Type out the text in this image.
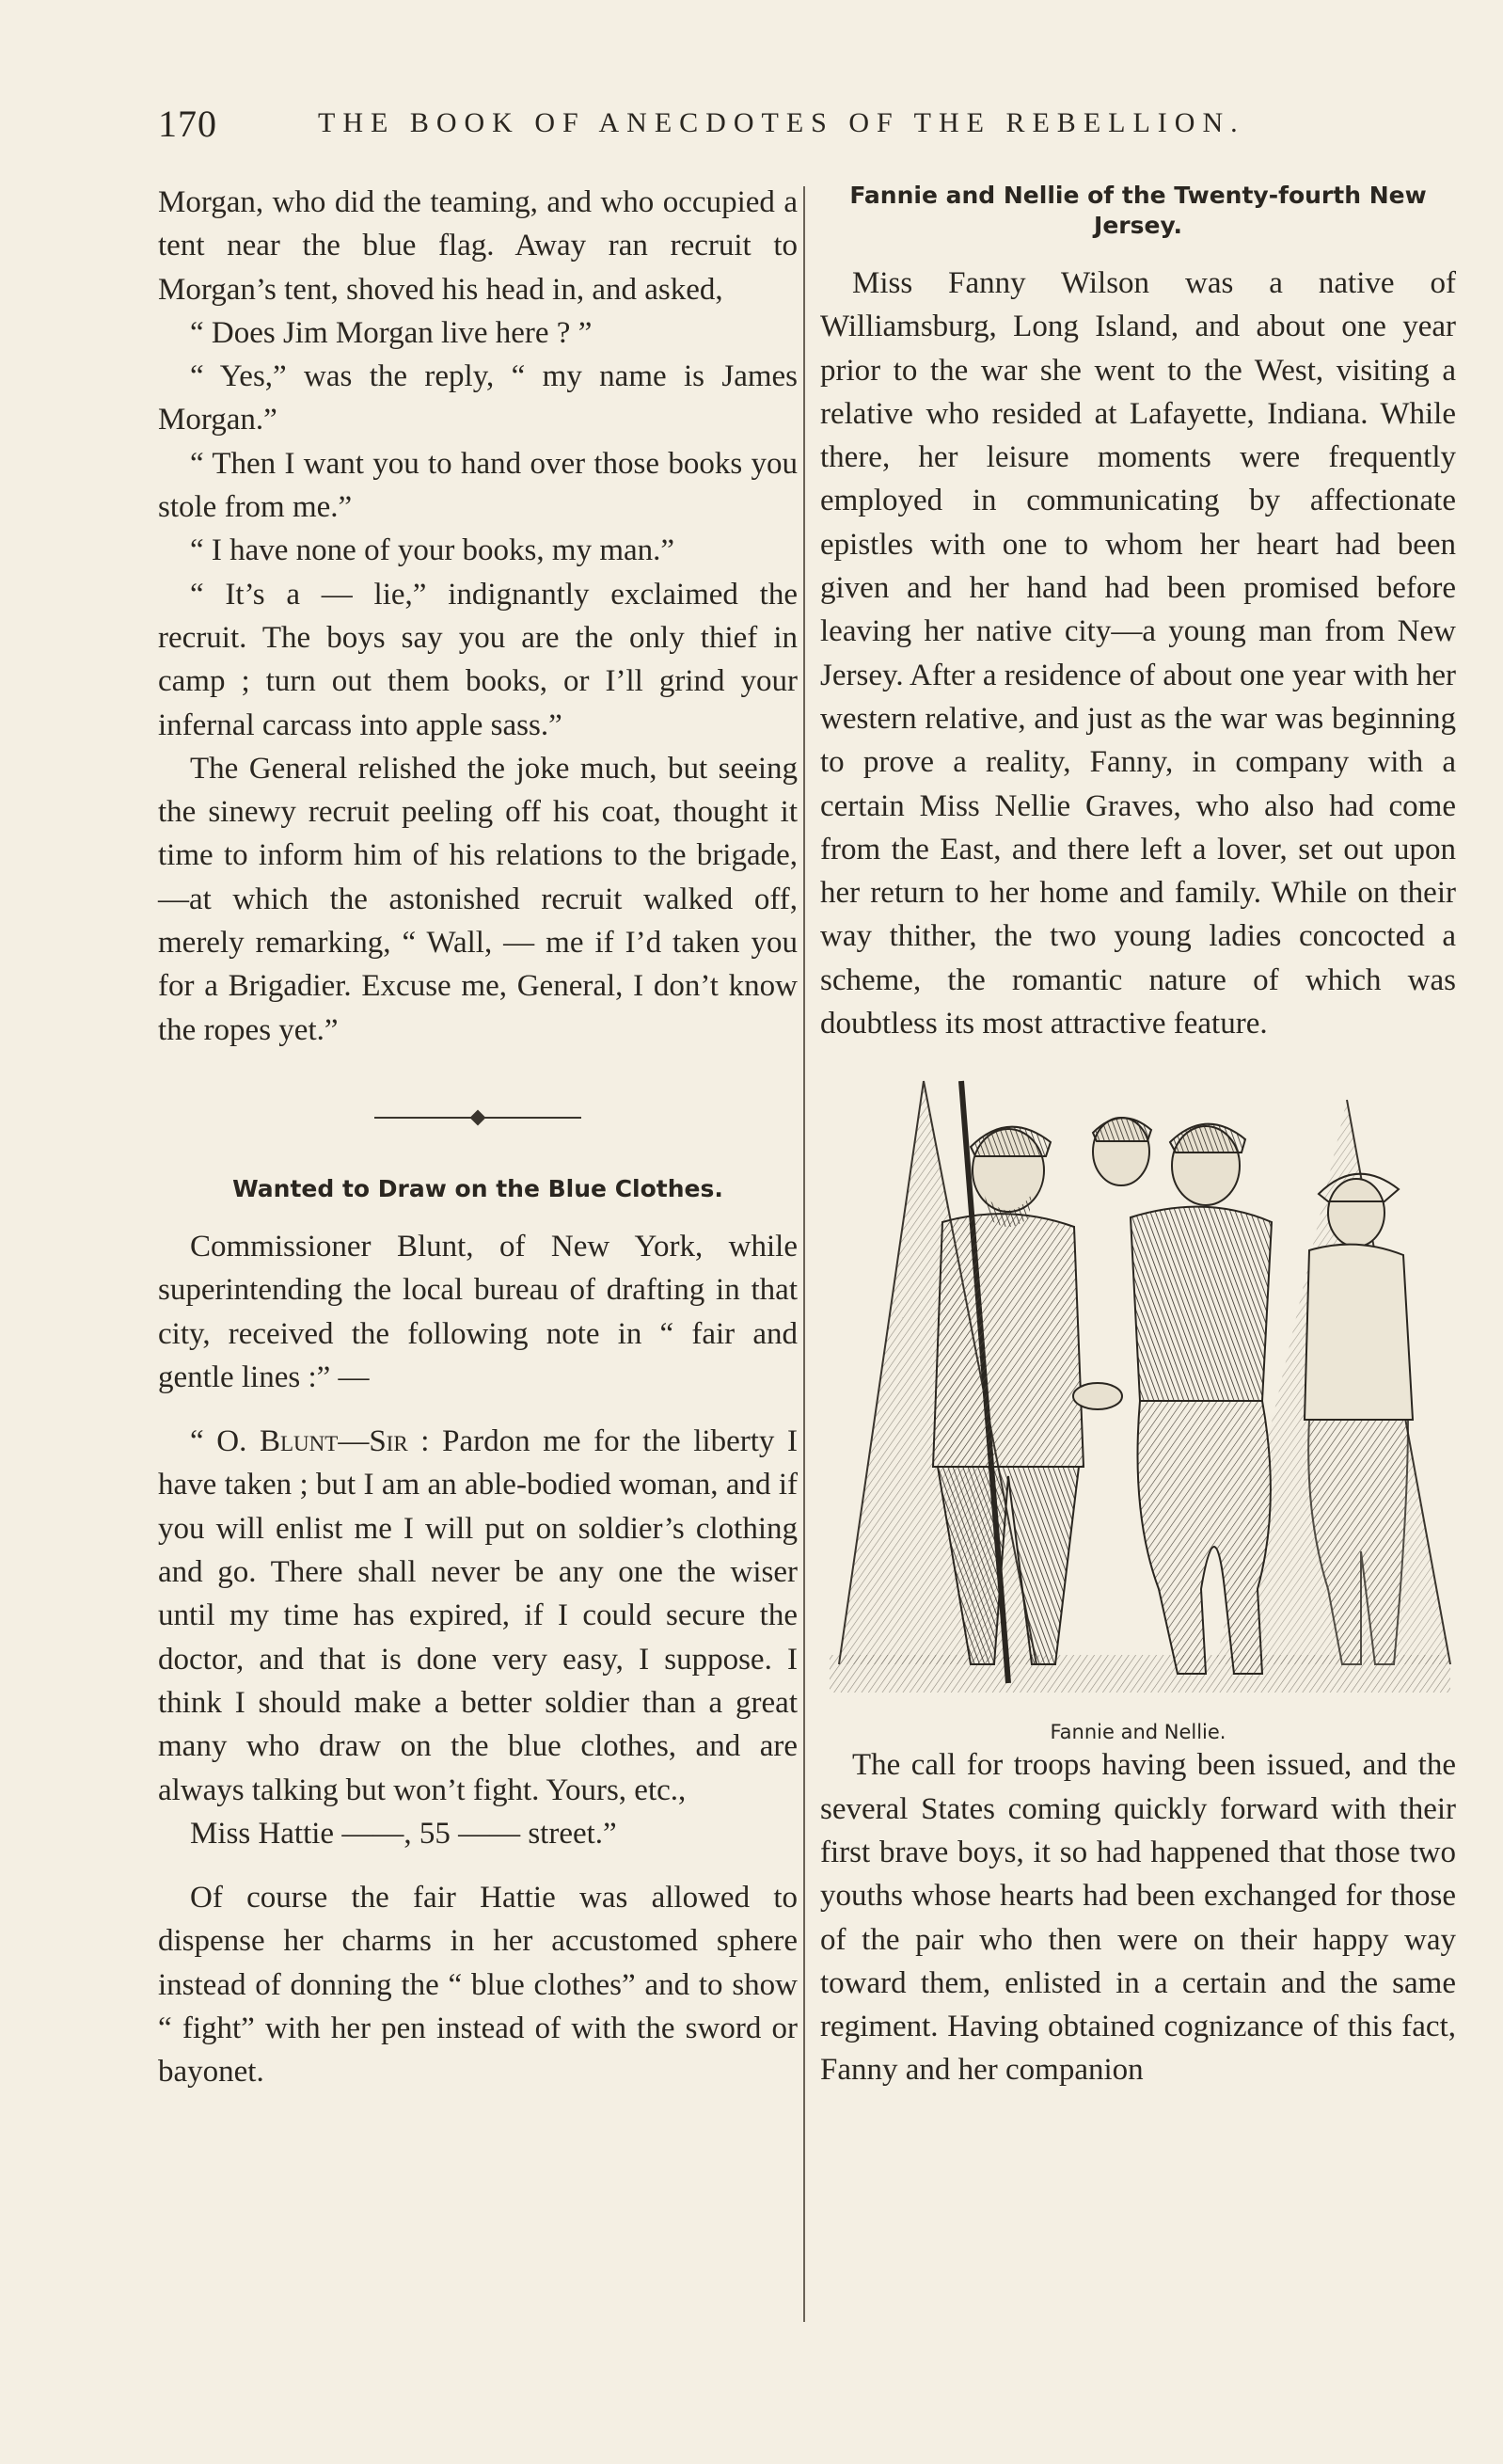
170	THE BOOK OF ANECDOTES OF THE REBELLION.

Morgan, who did the teaming, and who occupied a tent near the blue flag. Away ran recruit to Morgan’s tent, shoved his head in, and asked,

“ Does Jim Morgan live here ? ”

“ Yes,” was the reply, “ my name is James Morgan.”

“ Then I want you to hand over those books you stole from me.”

“ I have none of your books, my man.”

“ It’s a — lie,” indignantly exclaimed the recruit. The boys say you are the only thief in camp ; turn out them books, or I’ll grind your infernal carcass into apple sass.”

The General relished the joke much, but seeing the sinewy recruit peeling off his coat, thought it time to inform him of his relations to the brigade,—at which the astonished recruit walked off, merely remarking, “ Wall, — me if I’d taken you for a Brigadier. Excuse me, General, I don’t know the ropes yet.”

Wanted to Draw on the Blue Clothes.

Commissioner Blunt, of New York, while superintending the local bureau of drafting in that city, received the following note in “ fair and gentle lines :” —

“ O. Blunt—Sir : Pardon me for the liberty I have taken ; but I am an able-bodied woman, and if you will enlist me I will put on soldier’s clothing and go. There shall never be any one the wiser until my time has expired, if I could secure the doctor, and that is done very easy, I suppose. I think I should make a better soldier than a great many who draw on the blue clothes, and are always talking but won’t fight. Yours, etc.,

Miss Hattie ——, 55 —— street.”

Of course the fair Hattie was allowed to dispense her charms in her accustomed sphere instead of donning the “ blue clothes” and to show “ fight” with her pen instead of with the sword or bayonet.

Fannie and Nellie of the Twenty-fourth New Jersey.

Miss Fanny Wilson was a native of Williamsburg, Long Island, and about one year prior to the war she went to the West, visiting a relative who resided at Lafayette, Indiana. While there, her leisure moments were frequently employed in communicating by affectionate epistles with one to whom her heart had been given and her hand had been promised before leaving her native city—a young man from New Jersey. After a residence of about one year with her western relative, and just as the war was beginning to prove a reality, Fanny, in company with a certain Miss Nellie Graves, who also had come from the East, and there left a lover, set out upon her return to her home and family. While on their way thither, the two young ladies concocted a scheme, the romantic nature of which was doubtless its most attractive feature.

Fannie and Nellie.

The call for troops having been issued, and the several States coming quickly forward with their first brave boys, it so had happened that those two youths whose hearts had been exchanged for those of the pair who then were on their happy way toward them, enlisted in a certain and the same regiment. Having obtained cognizance of this fact, Fanny and her companion
